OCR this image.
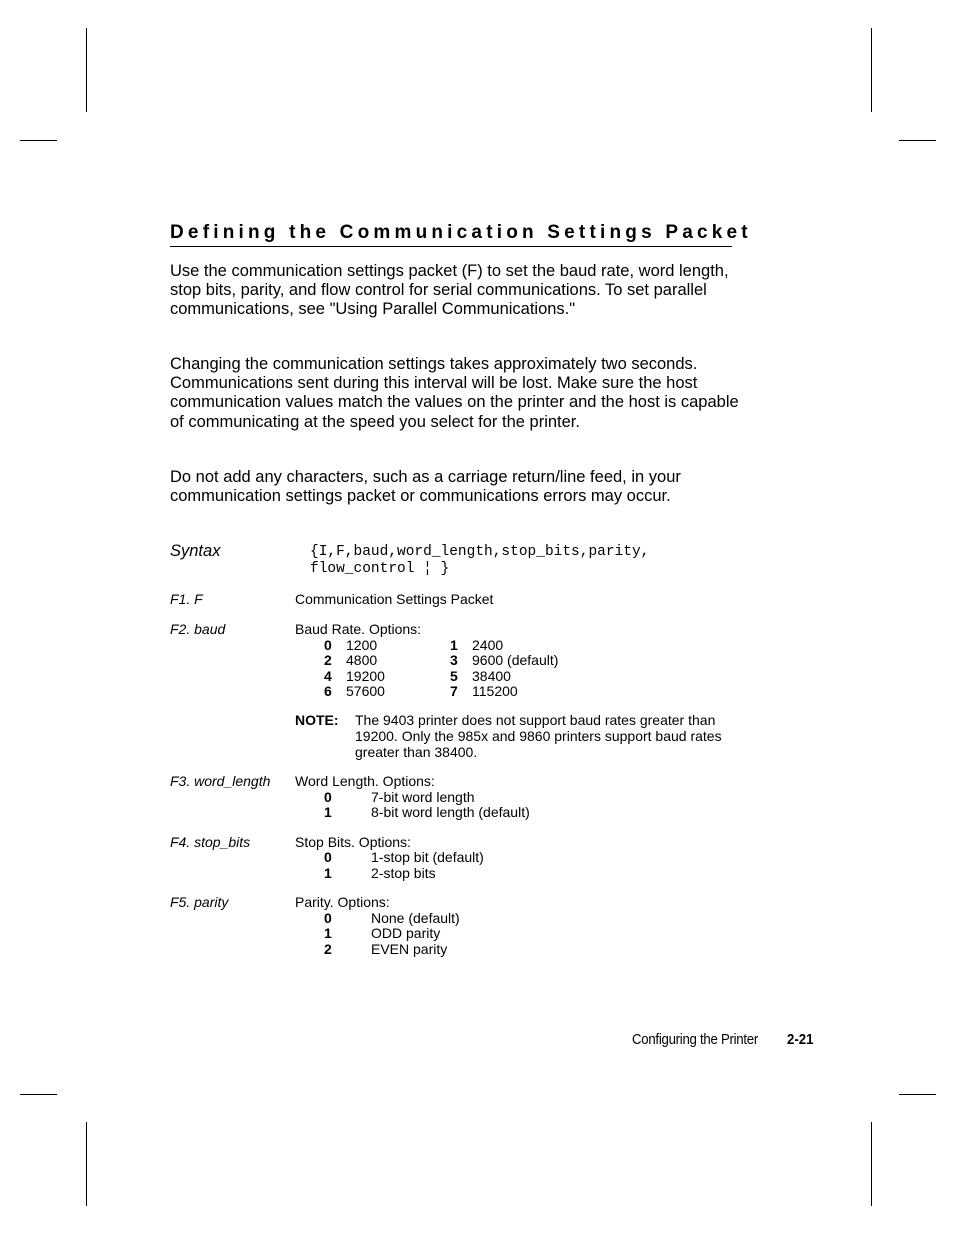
Defining the Communication Settings Packet

Use the communication settings packet (F) to set the baud rate, word length, stop bits, parity, and flow control for serial communications. To set parallel communications, see "Using Parallel Communications."

Changing the communication settings takes approximately two seconds. Communications sent during this interval will be lost. Make sure the host communication values match the values on the printer and the host is capable of communicating at the speed you select for the printer.

Do not add any characters, such as a carriage return/line feed, in your communication settings packet or communications errors may occur.

Syntax	{I,F,baud,word_length,stop_bits,parity,
flow_control ¦ }
F1. F	Communication Settings Packet
F2. baud	Baud Rate. Options:
0 1200	1 2400
2 4800	3 9600 (default)
4 19200	5 38400
6 57600	7 115200
NOTE: The 9403 printer does not support baud rates greater than 19200. Only the 985x and 9860 printers support baud rates greater than 38400.
F3. word_length Word Length. Options:
0	7-bit word length
1	8-bit word length (default)
F4. stop_bits	Stop Bits. Options:
0	1-stop bit (default)
1	2-stop bits
F5. parity	Parity. Options:
0	None (default)
1	ODD parity
2	EVEN parity
Configuring the Printer 2-21
